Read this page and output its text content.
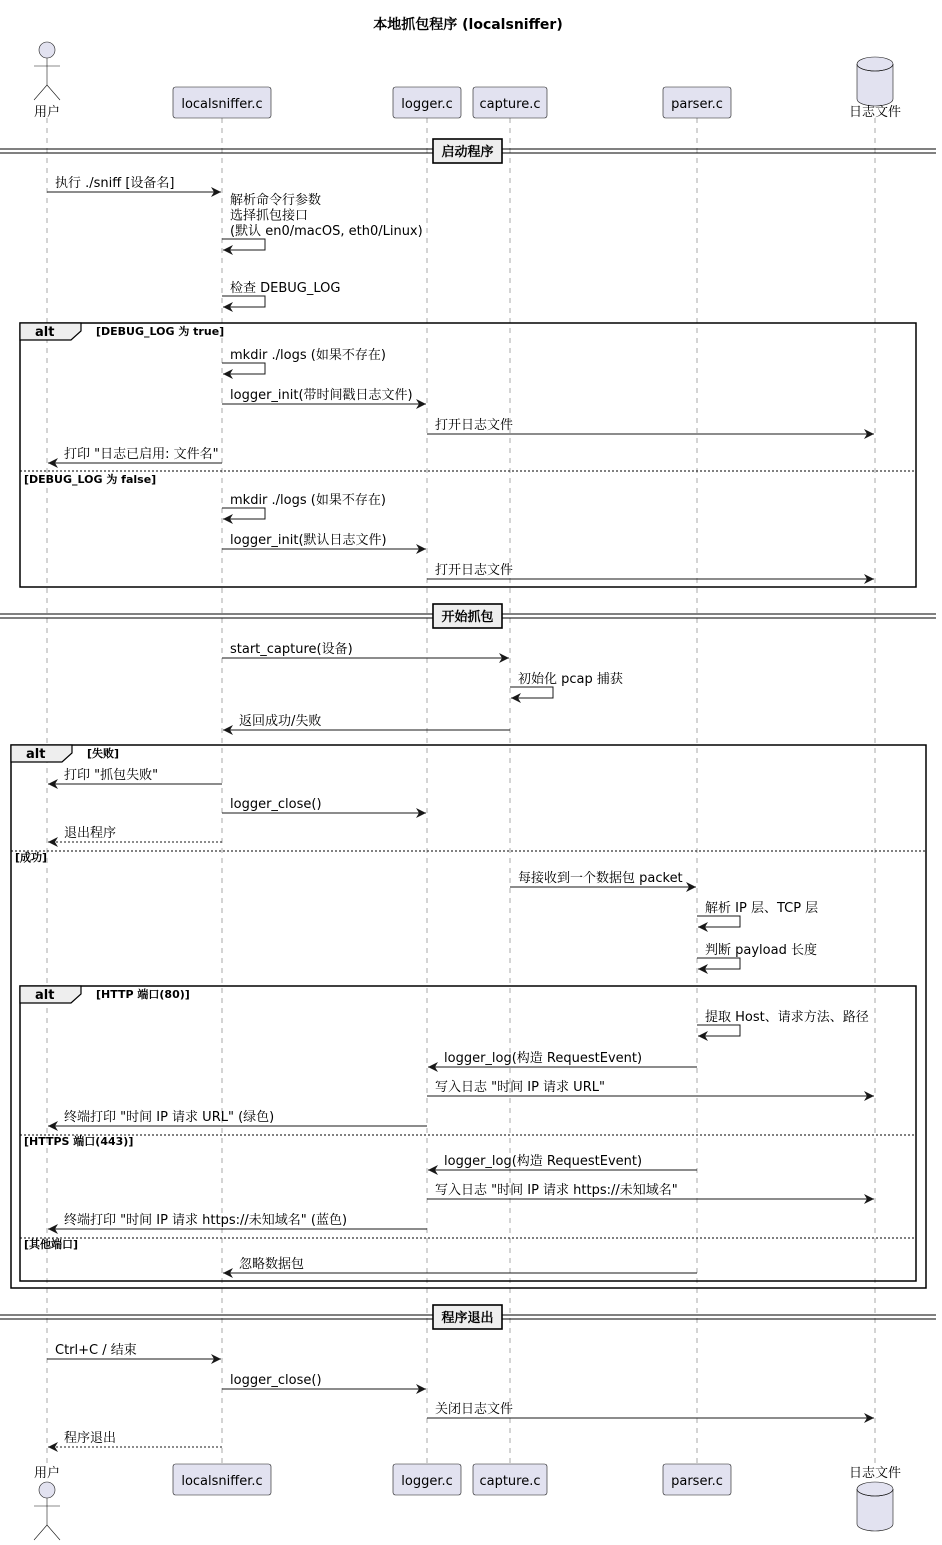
本地抓包程序 (localsniffer)
alt	[DEBUG_LOG 为 true]
[DEBUG_LOG 为 false]
alt	[失败]
[成功]
alt	[HTTP 端口(80)]
[HTTPS 端口(443)]
[其他端口]
启动程序
开始抓包
程序退出
执行 ./sniff [设备名]
解析命令行参数
选择抓包接口
(默认 en0/macOS, eth0/Linux)
检查 DEBUG_LOG
mkdir ./logs (如果不存在)
logger_init(带时间戳日志文件)
打开日志文件
打印 "日志已启用: 文件名"
mkdir ./logs (如果不存在)
logger_init(默认日志文件)
打开日志文件
start_capture(设备)
初始化 pcap 捕获
返回成功/失败
打印 "抓包失败"
logger_close()
退出程序
每接收到一个数据包 packet
解析 IP 层、TCP 层
判断 payload 长度
提取 Host、请求方法、路径
logger_log(构造 RequestEvent)
写入日志 "时间 IP 请求 URL"
终端打印 "时间 IP 请求 URL" (绿色)
logger_log(构造 RequestEvent)
写入日志 "时间 IP 请求 https://未知域名"
终端打印 "时间 IP 请求 https://未知域名" (蓝色)
忽略数据包
Ctrl+C / 结束
logger_close()
关闭日志文件
程序退出
用户
用户
localsniffer.c
localsniffer.c
logger.c
logger.c
capture.c
capture.c
parser.c
parser.c
日志文件
日志文件
